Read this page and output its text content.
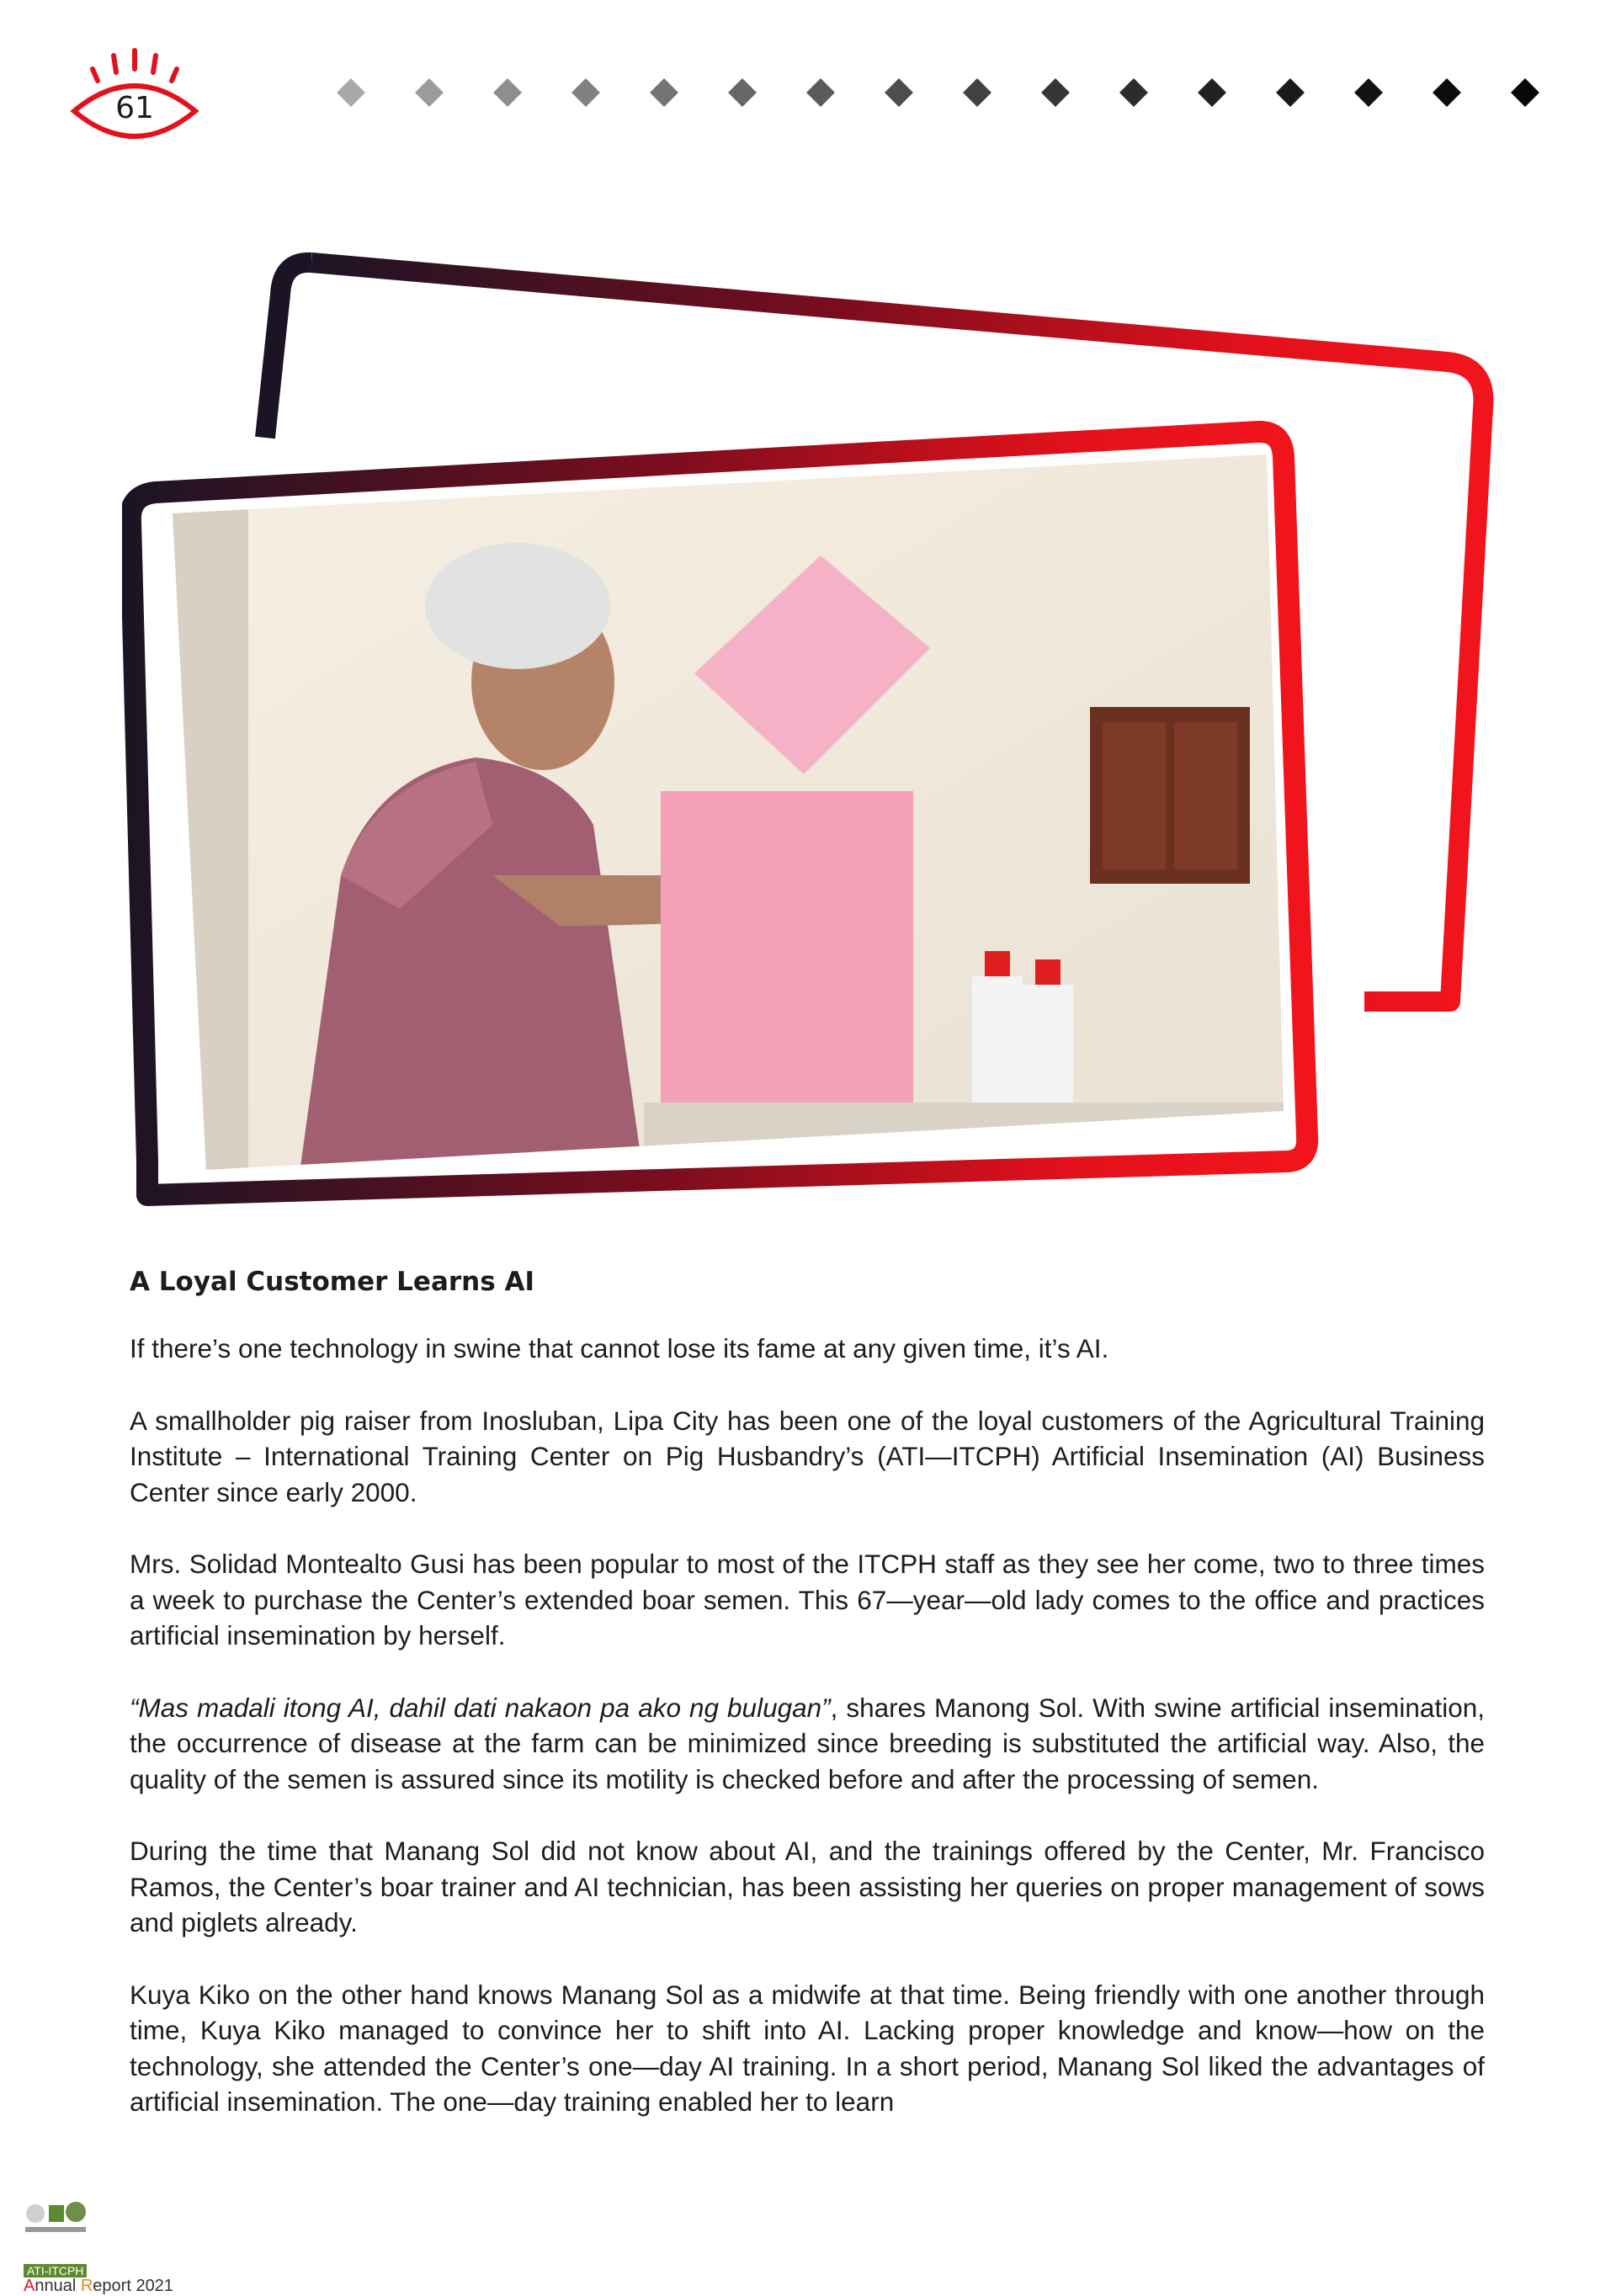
61
A Loyal Customer Learns AI

If there’s one technology in swine that cannot lose its fame at any given time, it’s AI.

A smallholder pig raiser from Inosluban, Lipa City has been one of the loyal customers of the Agricultural Training Institute – International Training Center on Pig Husbandry’s (ATI—ITCPH) Artificial Insemination (AI) Business Center since early 2000.

Mrs. Solidad Montealto Gusi has been popular to most of the ITCPH staff as they see her come, two to three times a week to purchase the Center’s extended boar semen. This 67—year—old lady comes to the office and practices artificial insemination by herself.

“Mas madali itong AI, dahil dati nakaon pa ako ng bulugan”, shares Manong Sol. With swine artificial insemination, the occurrence of disease at the farm can be minimized since breeding is substituted the artificial way. Also, the quality of the semen is assured since its motility is checked before and after the processing of semen.

During the time that Manang Sol did not know about AI, and the trainings offered by the Center, Mr. Francisco Ramos, the Center’s boar trainer and AI technician, has been assisting her queries on proper management of sows and piglets already.

Kuya Kiko on the other hand knows Manang Sol as a midwife at that time. Being friendly with one another through time, Kuya Kiko managed to convince her to shift into AI. Lacking proper knowledge and know—how on the technology, she attended the Center’s one—day AI training. In a short period, Manang Sol liked the advantages of artificial insemination. The one—day training enabled her to learn

ATI-ITCPH
Annual Report 2021
